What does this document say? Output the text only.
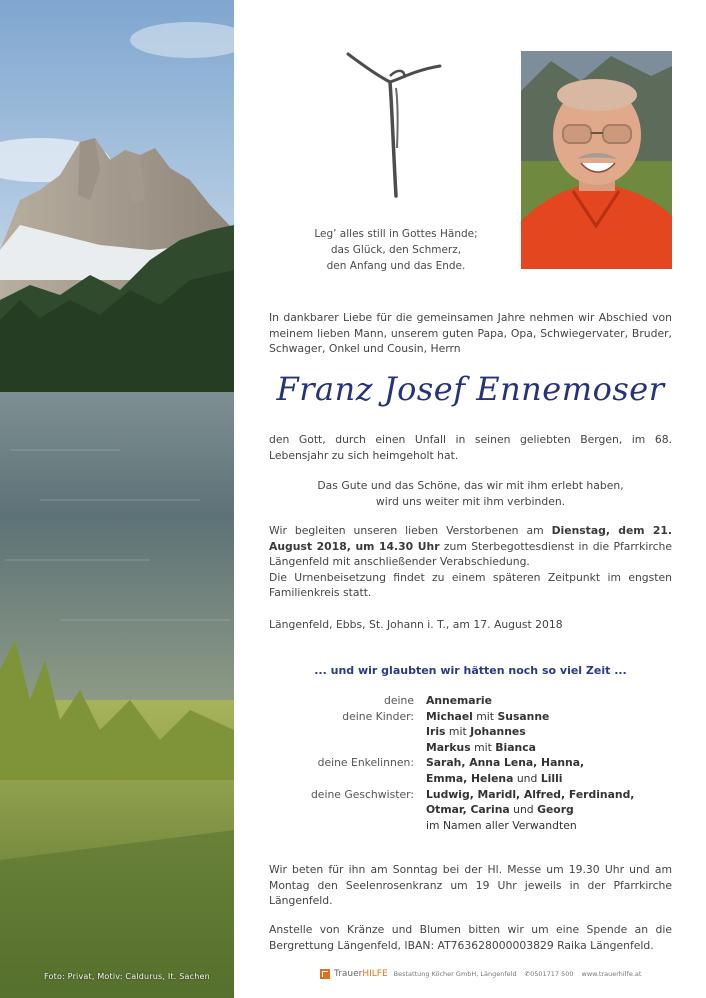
Foto: Privat, Motiv: Caldurus, It. Sachen
Leg’ alles still in Gottes Hände;
das Glück, den Schmerz,
den Anfang und das Ende.
In dankbarer Liebe für die gemeinsamen Jahre nehmen wir Abschied von meinem lieben Mann, unserem guten Papa, Opa, Schwiegervater, Bruder, Schwager, Onkel und Cousin, Herrn
Franz Josef Ennemoser
den Gott, durch einen Unfall in seinen geliebten Bergen, im 68. Lebensjahr zu sich heimgeholt hat.
Das Gute und das Schöne, das wir mit ihm erlebt haben,
wird uns weiter mit ihm verbinden.
Wir begleiten unseren lieben Verstorbenen am Dienstag, dem 21. August 2018, um 14.30 Uhr zum Sterbegottesdienst in die Pfarrkirche Längenfeld mit anschließender Verabschiedung.
Die Urnenbeisetzung findet zu einem späteren Zeitpunkt im engsten Familienkreis statt.
Längenfeld, Ebbs, St. Johann i. T., am 17. August 2018
... und wir glaubten wir hätten noch so viel Zeit ...
deine	Annemarie
deine Kinder:	Michael mit Susanne
Iris mit Johannes
Markus mit Bianca
deine Enkelinnen:	Sarah, Anna Lena, Hanna,
Emma, Helena und Lilli
deine Geschwister:	Ludwig, Maridl, Alfred, Ferdinand,
Otmar, Carina und Georg
im Namen aller Verwandten
Wir beten für ihn am Sonntag bei der Hl. Messe um 19.30 Uhr und am Montag den Seelenrosenkranz um 19 Uhr jeweils in der Pfarrkirche Längenfeld.
Anstelle von Kränze und Blumen bitten wir um eine Spende an die Bergrettung Längenfeld, IBAN: AT763628000003829 Raika Längenfeld.
TrauerHILFE Bestattung Köcher GmbH, Längenfeld ✆0501717 500 www.trauerhilfe.at
